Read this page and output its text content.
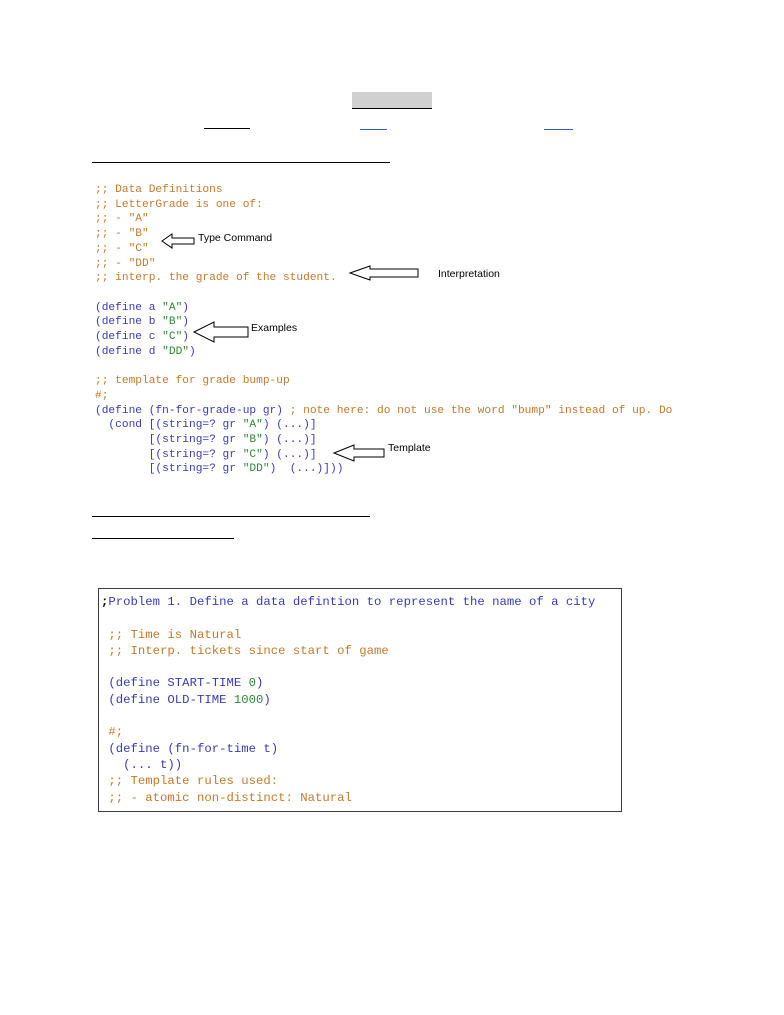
;; Data Definitions
;; LetterGrade is one of:
;; - "A"
;; - "B"
;; - "C"
;; - "DD"
;; interp. the grade of the student.

(define a "A")
(define b "B")
(define c "C")
(define d "DD")

;; template for grade bump-up
#;
(define (fn-for-grade-up gr) ; note here: do not use the word "bump" instead of up. Do
(cond [(string=? gr "A") (...)]
[(string=? gr "B") (...)]
[(string=? gr "C") (...)]
[(string=? gr "DD")  (...)]))
Type Command
Interpretation
Examples
Template
;Problem 1. Define a data defintion to represent the name of a city

;; Time is Natural
;; Interp. tickets since start of game

(define START-TIME 0)
(define OLD-TIME 1000)

#;
(define (fn-for-time t)
(... t))
;; Template rules used:
;; - atomic non-distinct: Natural
